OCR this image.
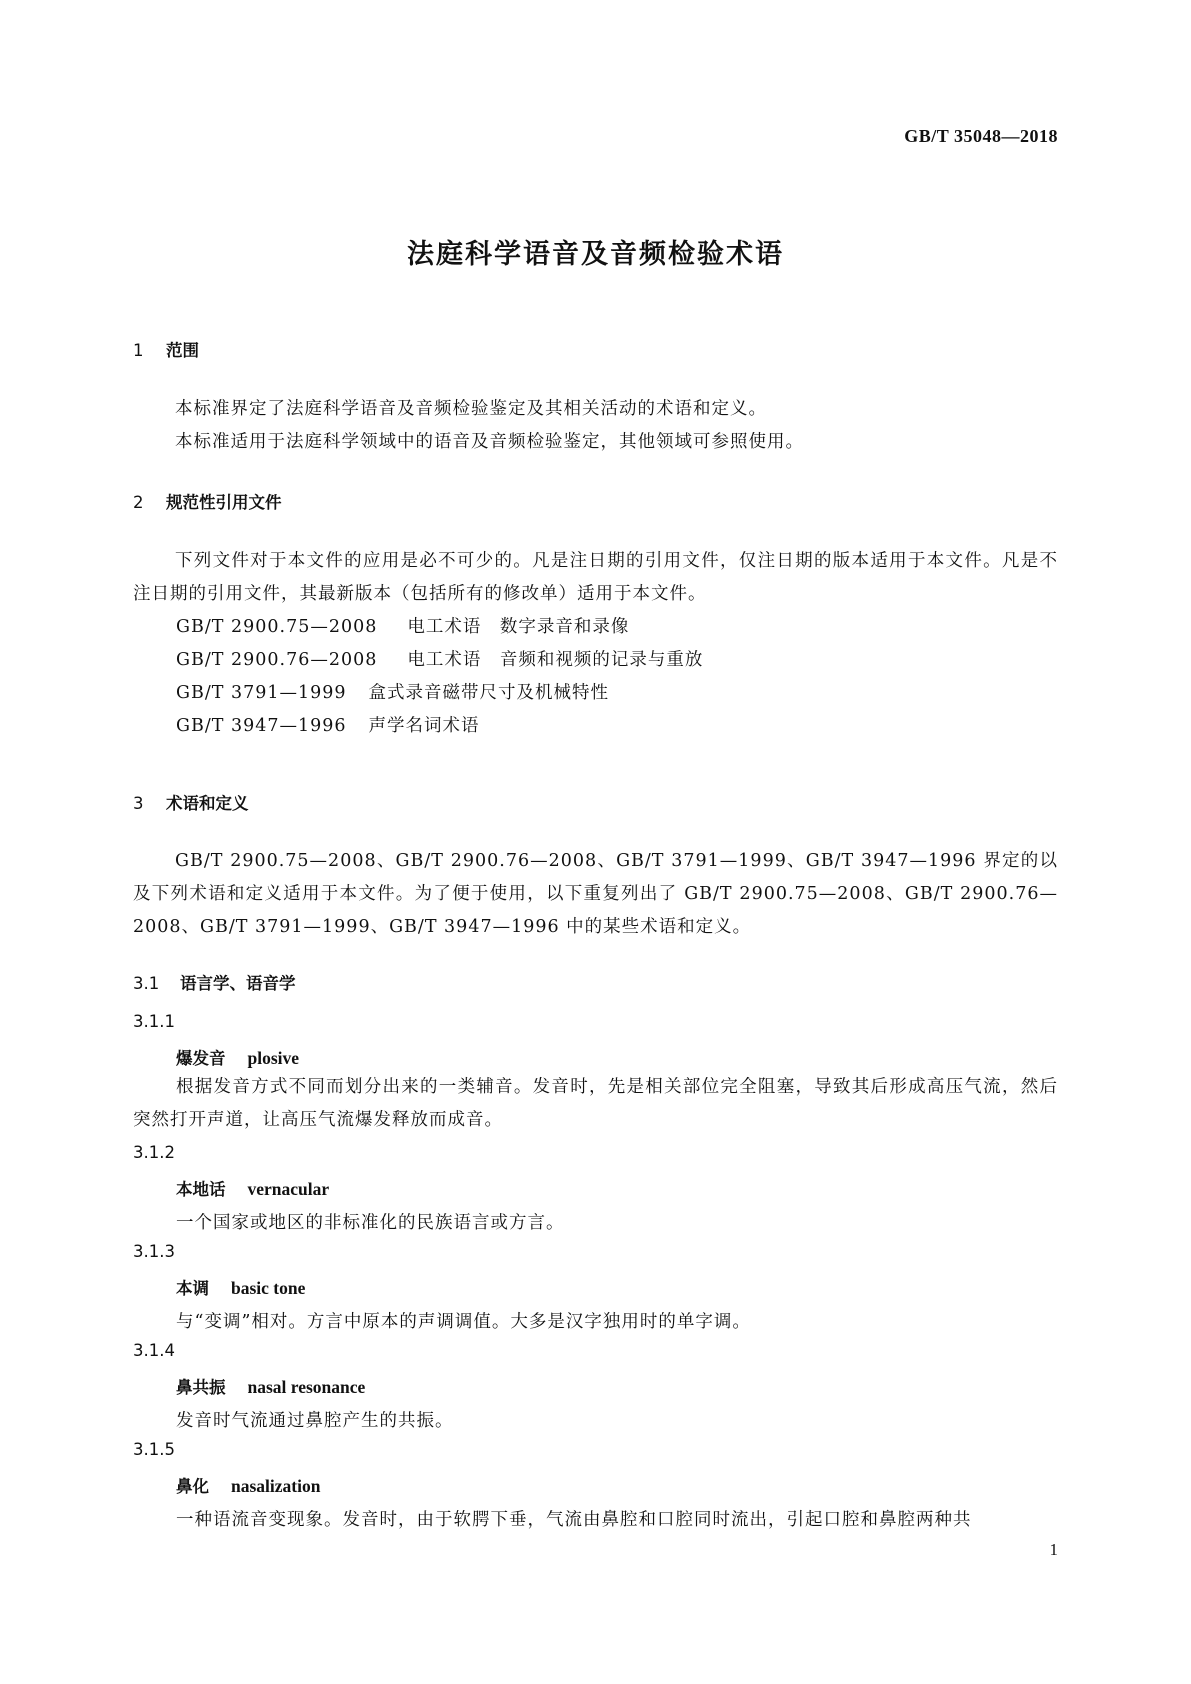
GB/T 35048—2018
法庭科学语音及音频检验术语
1 范围
本标准界定了法庭科学语音及音频检验鉴定及其相关活动的术语和定义。
本标准适用于法庭科学领域中的语音及音频检验鉴定，其他领域可参照使用。
2 规范性引用文件
下列文件对于本文件的应用是必不可少的。凡是注日期的引用文件，仅注日期的版本适用于本文件。凡是不注日期的引用文件，其最新版本（包括所有的修改单）适用于本文件。
GB/T 2900.75—2008 电工术语　数字录音和录像
GB/T 2900.76—2008 电工术语　音频和视频的记录与重放
GB/T 3791—1999 盒式录音磁带尺寸及机械特性
GB/T 3947—1996 声学名词术语
3 术语和定义
GB/T 2900.75—2008、GB/T 2900.76—2008、GB/T 3791—1999、GB/T 3947—1996 界定的以及下列术语和定义适用于本文件。为了便于使用，以下重复列出了 GB/T 2900.75—2008、GB/T 2900.76—2008、GB/T 3791—1999、GB/T 3947—1996 中的某些术语和定义。
3.1 语言学、语音学
3.1.1
爆发音 plosive
根据发音方式不同而划分出来的一类辅音。发音时，先是相关部位完全阻塞，导致其后形成高压气流，然后突然打开声道，让高压气流爆发释放而成音。
3.1.2
本地话 vernacular
一个国家或地区的非标准化的民族语言或方言。
3.1.3
本调 basic tone
与“变调”相对。方言中原本的声调调值。大多是汉字独用时的单字调。
3.1.4
鼻共振 nasal resonance
发音时气流通过鼻腔产生的共振。
3.1.5
鼻化 nasalization
一种语流音变现象。发音时，由于软腭下垂，气流由鼻腔和口腔同时流出，引起口腔和鼻腔两种共
1
